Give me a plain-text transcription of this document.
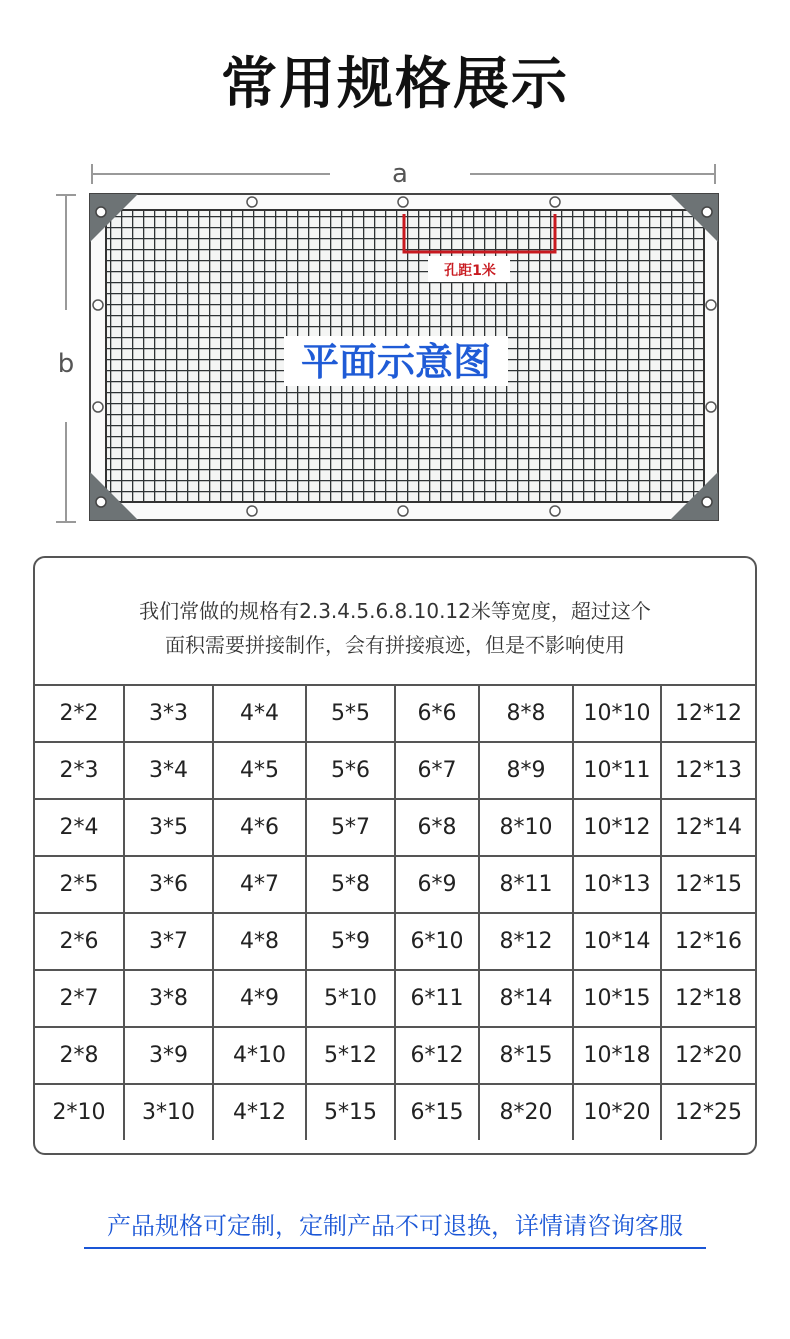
常用规格展示
a
b
孔距1米
平面示意图
我们常做的规格有2.3.4.5.6.8.10.12米等宽度，超过这个
面积需要拼接制作，会有拼接痕迹，但是不影响使用
2*2	3*3	4*4	5*5	6*6	8*8	10*10	12*12
2*3	3*4	4*5	5*6	6*7	8*9	10*11	12*13
2*4	3*5	4*6	5*7	6*8	8*10	10*12	12*14
2*5	3*6	4*7	5*8	6*9	8*11	10*13	12*15
2*6	3*7	4*8	5*9	6*10	8*12	10*14	12*16
2*7	3*8	4*9	5*10	6*11	8*14	10*15	12*18
2*8	3*9	4*10	5*12	6*12	8*15	10*18	12*20
2*10	3*10	4*12	5*15	6*15	8*20	10*20	12*25
产品规格可定制，定制产品不可退换，详情请咨询客服
